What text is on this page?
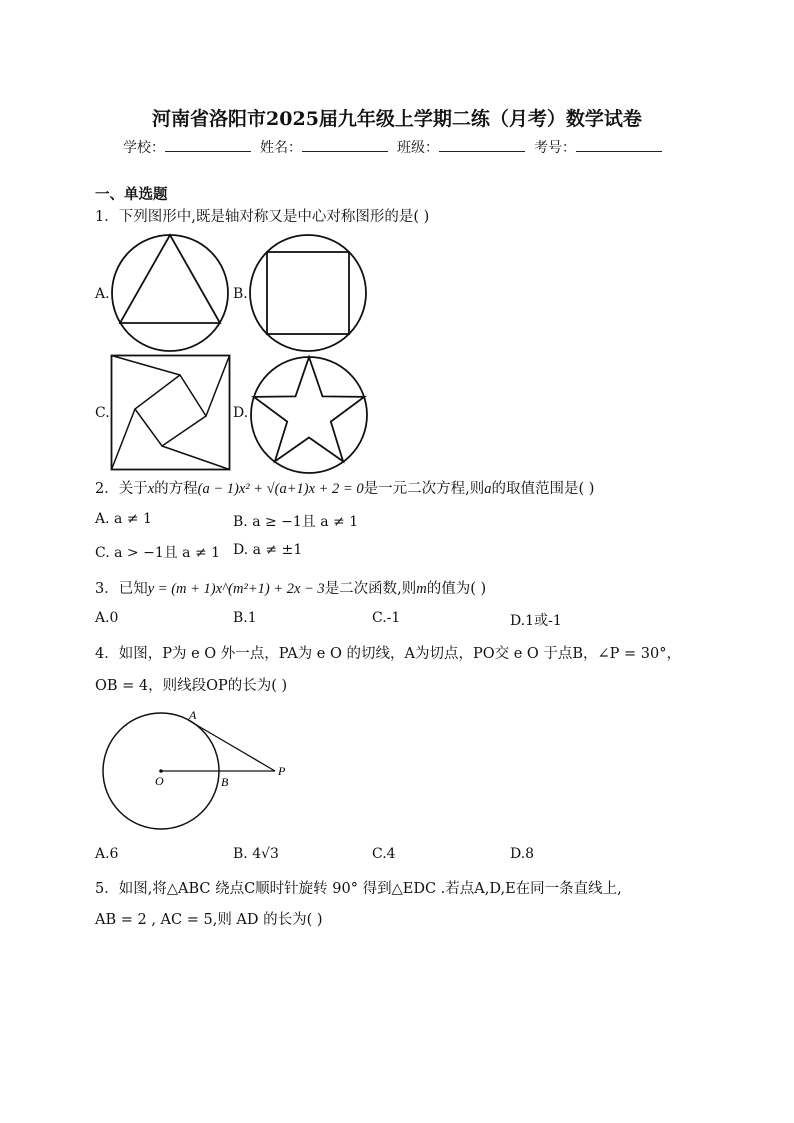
河南省洛阳市2025届九年级上学期二练（月考）数学试卷
学校：	姓名：	班级：	考号：
一、单选题
1．下列图形中,既是轴对称又是中心对称图形的是( )
A.	B.
C.	D.
2．关于x的方程(a − 1)x² + √(a+1)x + 2 = 0是一元二次方程,则a的取值范围是( )
A. a ≠ 1	B. a ≥ −1且 a ≠ 1
C. a > −1且 a ≠ 1 D. a ≠ ±1
3．已知y = (m + 1)x^(m²+1) + 2x − 3是二次函数,则m的值为( )
A.0	B.1	C.-1	D.1或-1
4．如图，P为 e O 外一点，PA为 e O 的切线，A为切点，PO交 e O 于点B，∠P = 30°，
OB = 4，则线段OP的长为( )
A
O	B
P
A.6	B. 4√3	C.4	D.8
5．如图,将△ABC 绕点C顺时针旋转 90° 得到△EDC .若点A,D,E在同一条直线上,
AB = 2 , AC = 5,则 AD 的长为( )
